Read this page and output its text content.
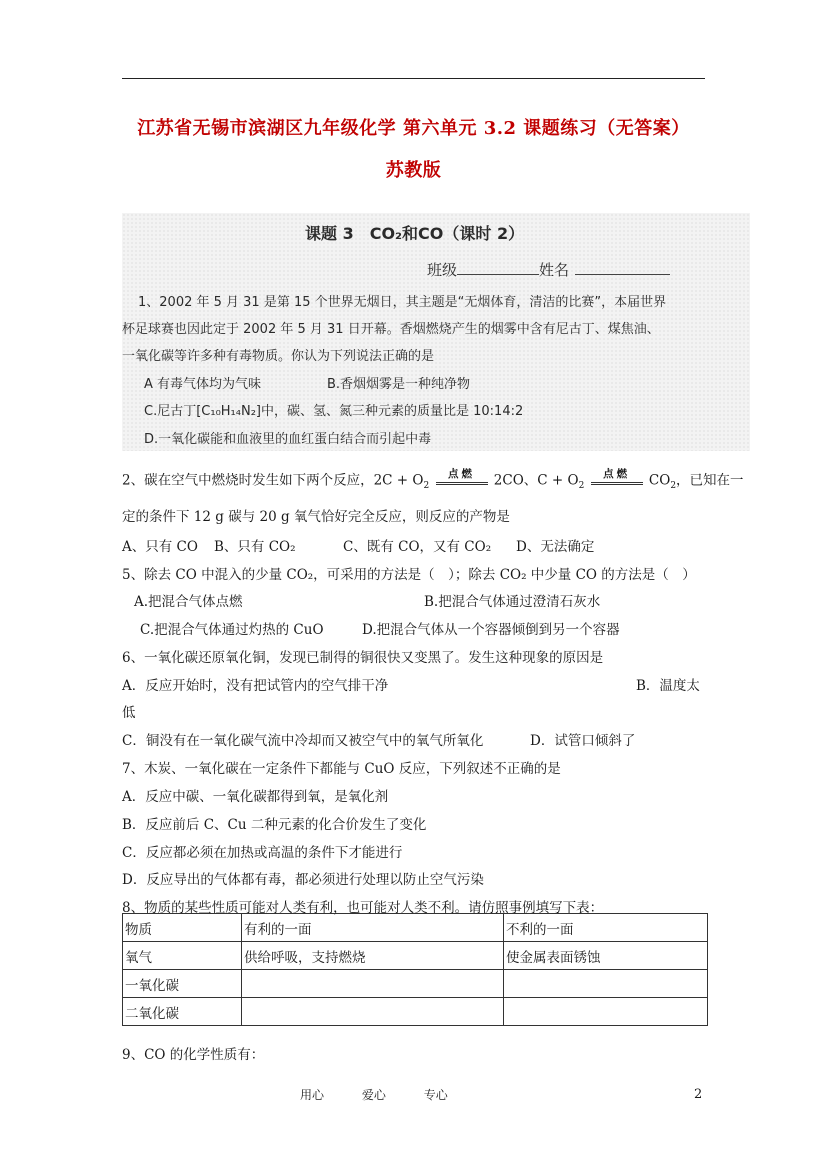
江苏省无锡市滨湖区九年级化学 第六单元 3.2 课题练习（无答案）
苏教版
课题 3　CO₂和CO（课时 2）
班级	姓名

1、2002 年 5 月 31 是第 15 个世界无烟日，其主题是“无烟体育，清洁的比赛”，本届世界

杯足球赛也因此定于 2002 年 5 月 31 日开幕。香烟燃烧产生的烟雾中含有尼古丁、煤焦油、

一氧化碳等许多种有毒物质。你认为下列说法正确的是

A 有毒气体均为气味	B.香烟烟雾是一种纯净物

C.尼古丁[C₁₀H₁₄N₂]中，碳、氢、氮三种元素的质量比是 10:14:2

D.一氧化碳能和血液里的血红蛋白结合而引起中毒

2、碳在空气中燃烧时发生如下两个反应，$2C + O_2$
点燃	2CO、$C + O_2$
点燃	$CO_2$，已知在一
定的条件下 12 g 碳与 20 g 氧气恰好完全反应，则反应的产物是
A、只有 CO B、只有 CO₂	C、既有 CO，又有 CO₂ D、无法确定
5、除去 CO 中混入的少量 CO₂，可采用的方法是（　）；除去 CO₂ 中少量 CO 的方法是（　）
A.把混合气体点燃	B.把混合气体通过澄清石灰水
C.把混合气体通过灼热的 CuO	D.把混合气体从一个容器倾倒到另一个容器
6、一氧化碳还原氧化铜，发现已制得的铜很快又变黑了。发生这种现象的原因是
A．反应开始时，没有把试管内的空气排干净	B．温度太
低
C．铜没有在一氧化碳气流中冷却而又被空气中的氧气所氧化	D．试管口倾斜了
7、木炭、一氧化碳在一定条件下都能与 CuO 反应，下列叙述不正确的是
A．反应中碳、一氧化碳都得到氧，是氧化剂
B．反应前后 C、Cu 二种元素的化合价发生了变化
C．反应都必须在加热或高温的条件下才能进行
D．反应导出的气体都有毒，都必须进行处理以防止空气污染
8、物质的某些性质可能对人类有利，也可能对人类不利。请仿照事例填写下表：
物质	有利的一面	不利的一面
氧气	供给呼吸，支持燃烧	使金属表面锈蚀
一氧化碳		
二氧化碳		
9、CO 的化学性质有：
用心	爱心	专心	2
